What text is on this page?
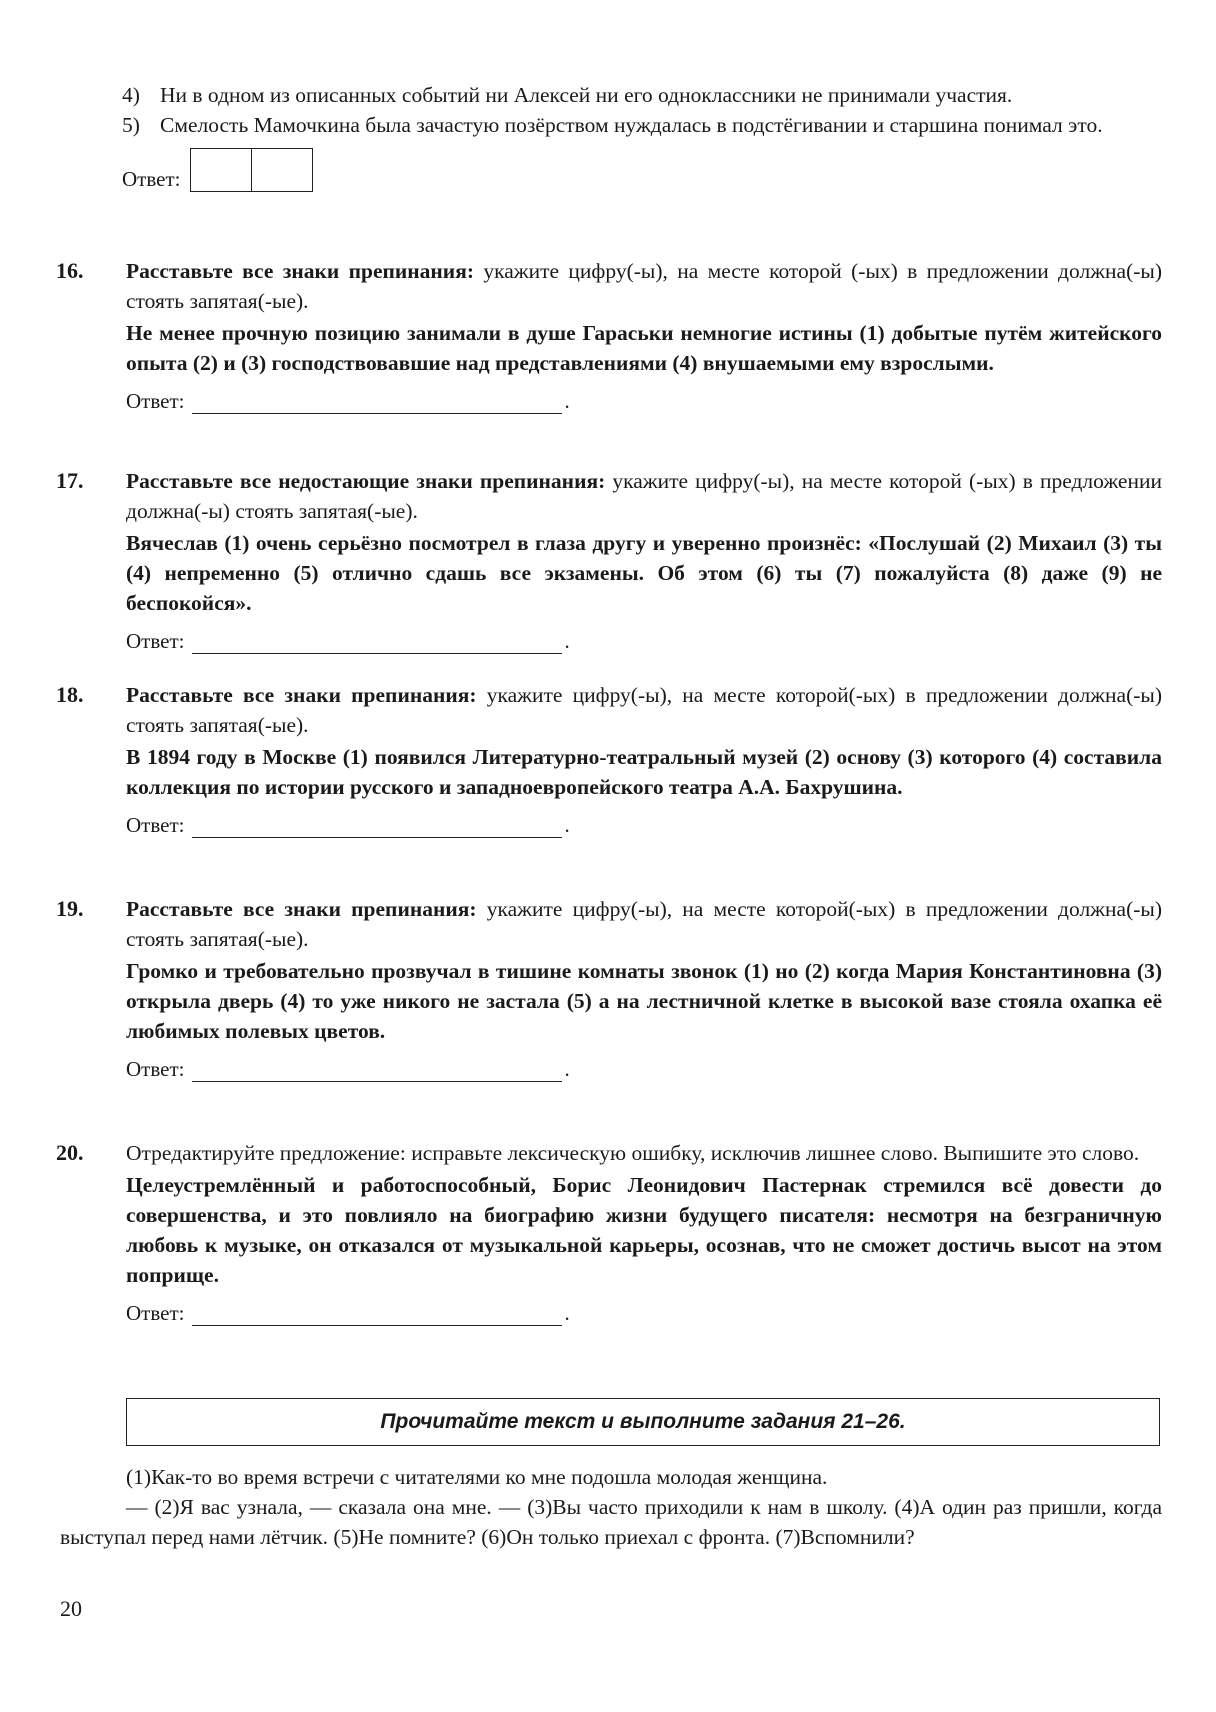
4) Ни в одном из описанных событий ни Алексей ни его одноклассники не принимали участия.
5) Смелость Мамочкина была зачастую позёрством нуждалась в подстёгивании и старшина понимал это.
Ответ:
16. Расставьте все знаки препинания: укажите цифру(-ы), на месте которой (-ых) в предложении должна(-ы) стоять запятая(-ые).
Не менее прочную позицию занимали в душе Гараськи немногие истины (1) добытые путём житейского опыта (2) и (3) господствовавшие над представлениями (4) внушаемыми ему взрослыми.
Ответ:	.
17. Расставьте все недостающие знаки препинания: укажите цифру(-ы), на месте которой (-ых) в предложении должна(-ы) стоять запятая(-ые).
Вячеслав (1) очень серьёзно посмотрел в глаза другу и уверенно произнёс: «Послушай (2) Михаил (3) ты (4) непременно (5) отлично сдашь все экзамены. Об этом (6) ты (7) пожалуйста (8) даже (9) не беспокойся».
Ответ:	.
18. Расставьте все знаки препинания: укажите цифру(-ы), на месте которой(-ых) в предложении должна(-ы) стоять запятая(-ые).
В 1894 году в Москве (1) появился Литературно-театральный музей (2) основу (3) которого (4) составила коллекция по истории русского и западноевропейского театра А.А. Бахрушина.
Ответ:	.
19. Расставьте все знаки препинания: укажите цифру(-ы), на месте которой(-ых) в предложении должна(-ы) стоять запятая(-ые).
Громко и требовательно прозвучал в тишине комнаты звонок (1) но (2) когда Мария Константиновна (3) открыла дверь (4) то уже никого не застала (5) а на лестничной клетке в высокой вазе стояла охапка её любимых полевых цветов.
Ответ:	.
20. Отредактируйте предложение: исправьте лексическую ошибку, исключив лишнее слово. Выпишите это слово.
Целеустремлённый и работоспособный, Борис Леонидович Пастернак стремился всё довести до совершенства, и это повлияло на биографию жизни будущего писателя: несмотря на безграничную любовь к музыке, он отказался от музыкальной карьеры, осознав, что не сможет достичь высот на этом поприще.
Ответ:	.
Прочитайте текст и выполните задания 21–26.

(1)Как-то во время встречи с читателями ко мне подошла молодая женщина.

— (2)Я вас узнала, — сказала она мне. — (3)Вы часто приходили к нам в школу. (4)А один раз пришли, когда выступал перед нами лётчик. (5)Не помните? (6)Он только приехал с фронта. (7)Вспомнили?

20
